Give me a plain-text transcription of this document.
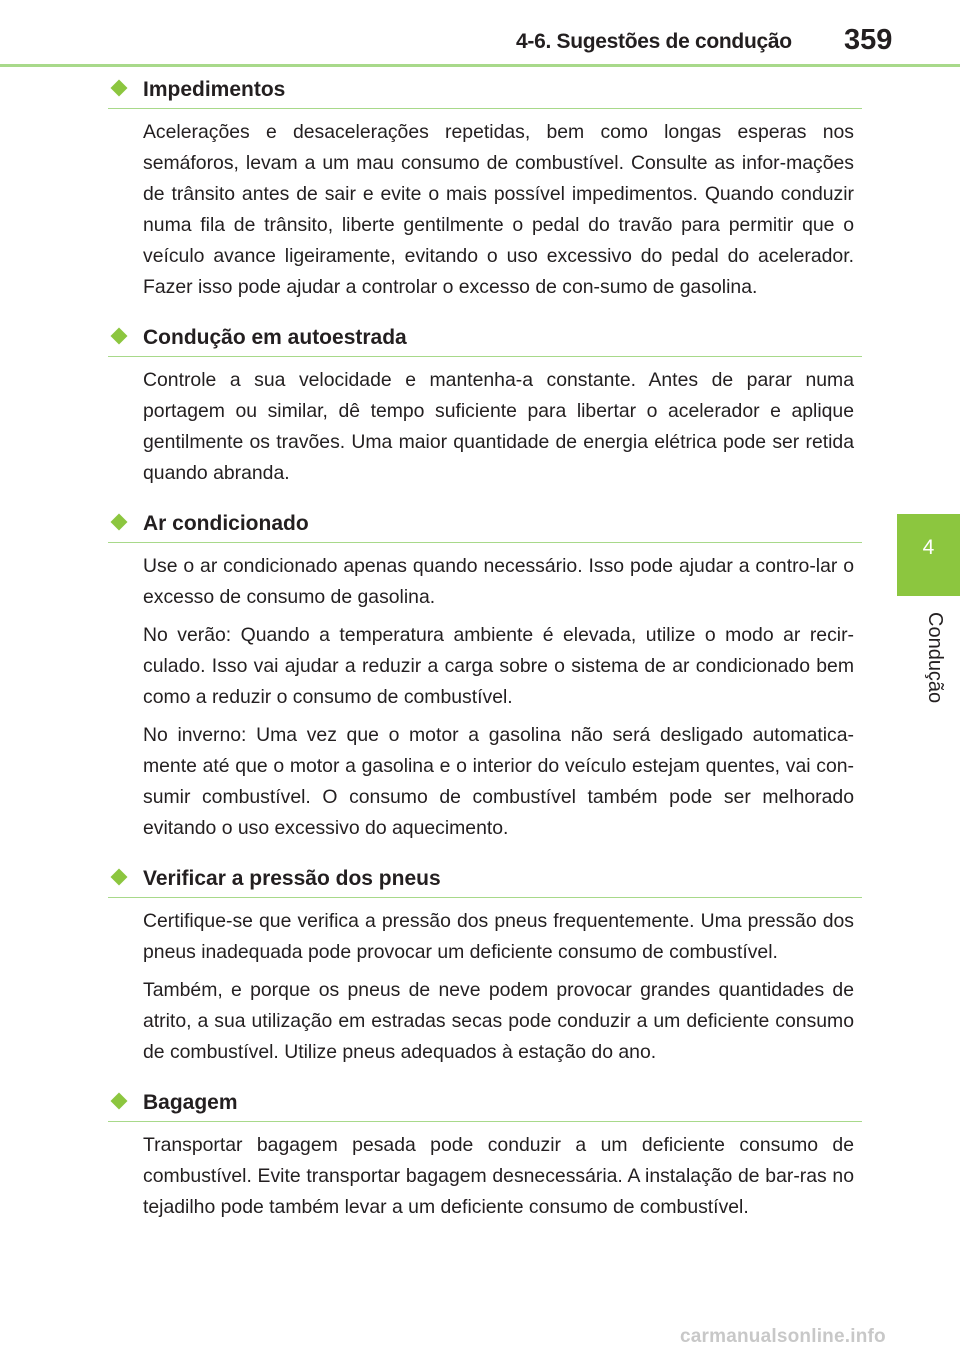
4-6. Sugestões de condução 359
4
Condução
Impedimentos

Acelerações e desacelerações repetidas, bem como longas esperas nos semáforos, levam a um mau consumo de combustível. Consulte as infor-mações de trânsito antes de sair e evite o mais possível impedimentos. Quando conduzir numa fila de trânsito, liberte gentilmente o pedal do travão para permitir que o veículo avance ligeiramente, evitando o uso excessivo do pedal do acelerador. Fazer isso pode ajudar a controlar o excesso de con-sumo de gasolina.

Condução em autoestrada

Controle a sua velocidade e mantenha-a constante. Antes de parar numa portagem ou similar, dê tempo suficiente para libertar o acelerador e aplique gentilmente os travões. Uma maior quantidade de energia elétrica pode ser retida quando abranda.

Ar condicionado

Use o ar condicionado apenas quando necessário. Isso pode ajudar a contro-lar o excesso de consumo de gasolina.

No verão: Quando a temperatura ambiente é elevada, utilize o modo ar recir-culado. Isso vai ajudar a reduzir a carga sobre o sistema de ar condicionado bem como a reduzir o consumo de combustível.

No inverno: Uma vez que o motor a gasolina não será desligado automatica-mente até que o motor a gasolina e o interior do veículo estejam quentes, vai con-sumir combustível. O consumo de combustível também pode ser melhorado evitando o uso excessivo do aquecimento.

Verificar a pressão dos pneus

Certifique-se que verifica a pressão dos pneus frequentemente. Uma pressão dos pneus inadequada pode provocar um deficiente consumo de combustível.

Também, e porque os pneus de neve podem provocar grandes quantidades de atrito, a sua utilização em estradas secas pode conduzir a um deficiente consumo de combustível. Utilize pneus adequados à estação do ano.

Bagagem

Transportar bagagem pesada pode conduzir a um deficiente consumo de combustível. Evite transportar bagagem desnecessária. A instalação de bar-ras no tejadilho pode também levar a um deficiente consumo de combustível.

carmanualsonline.info
